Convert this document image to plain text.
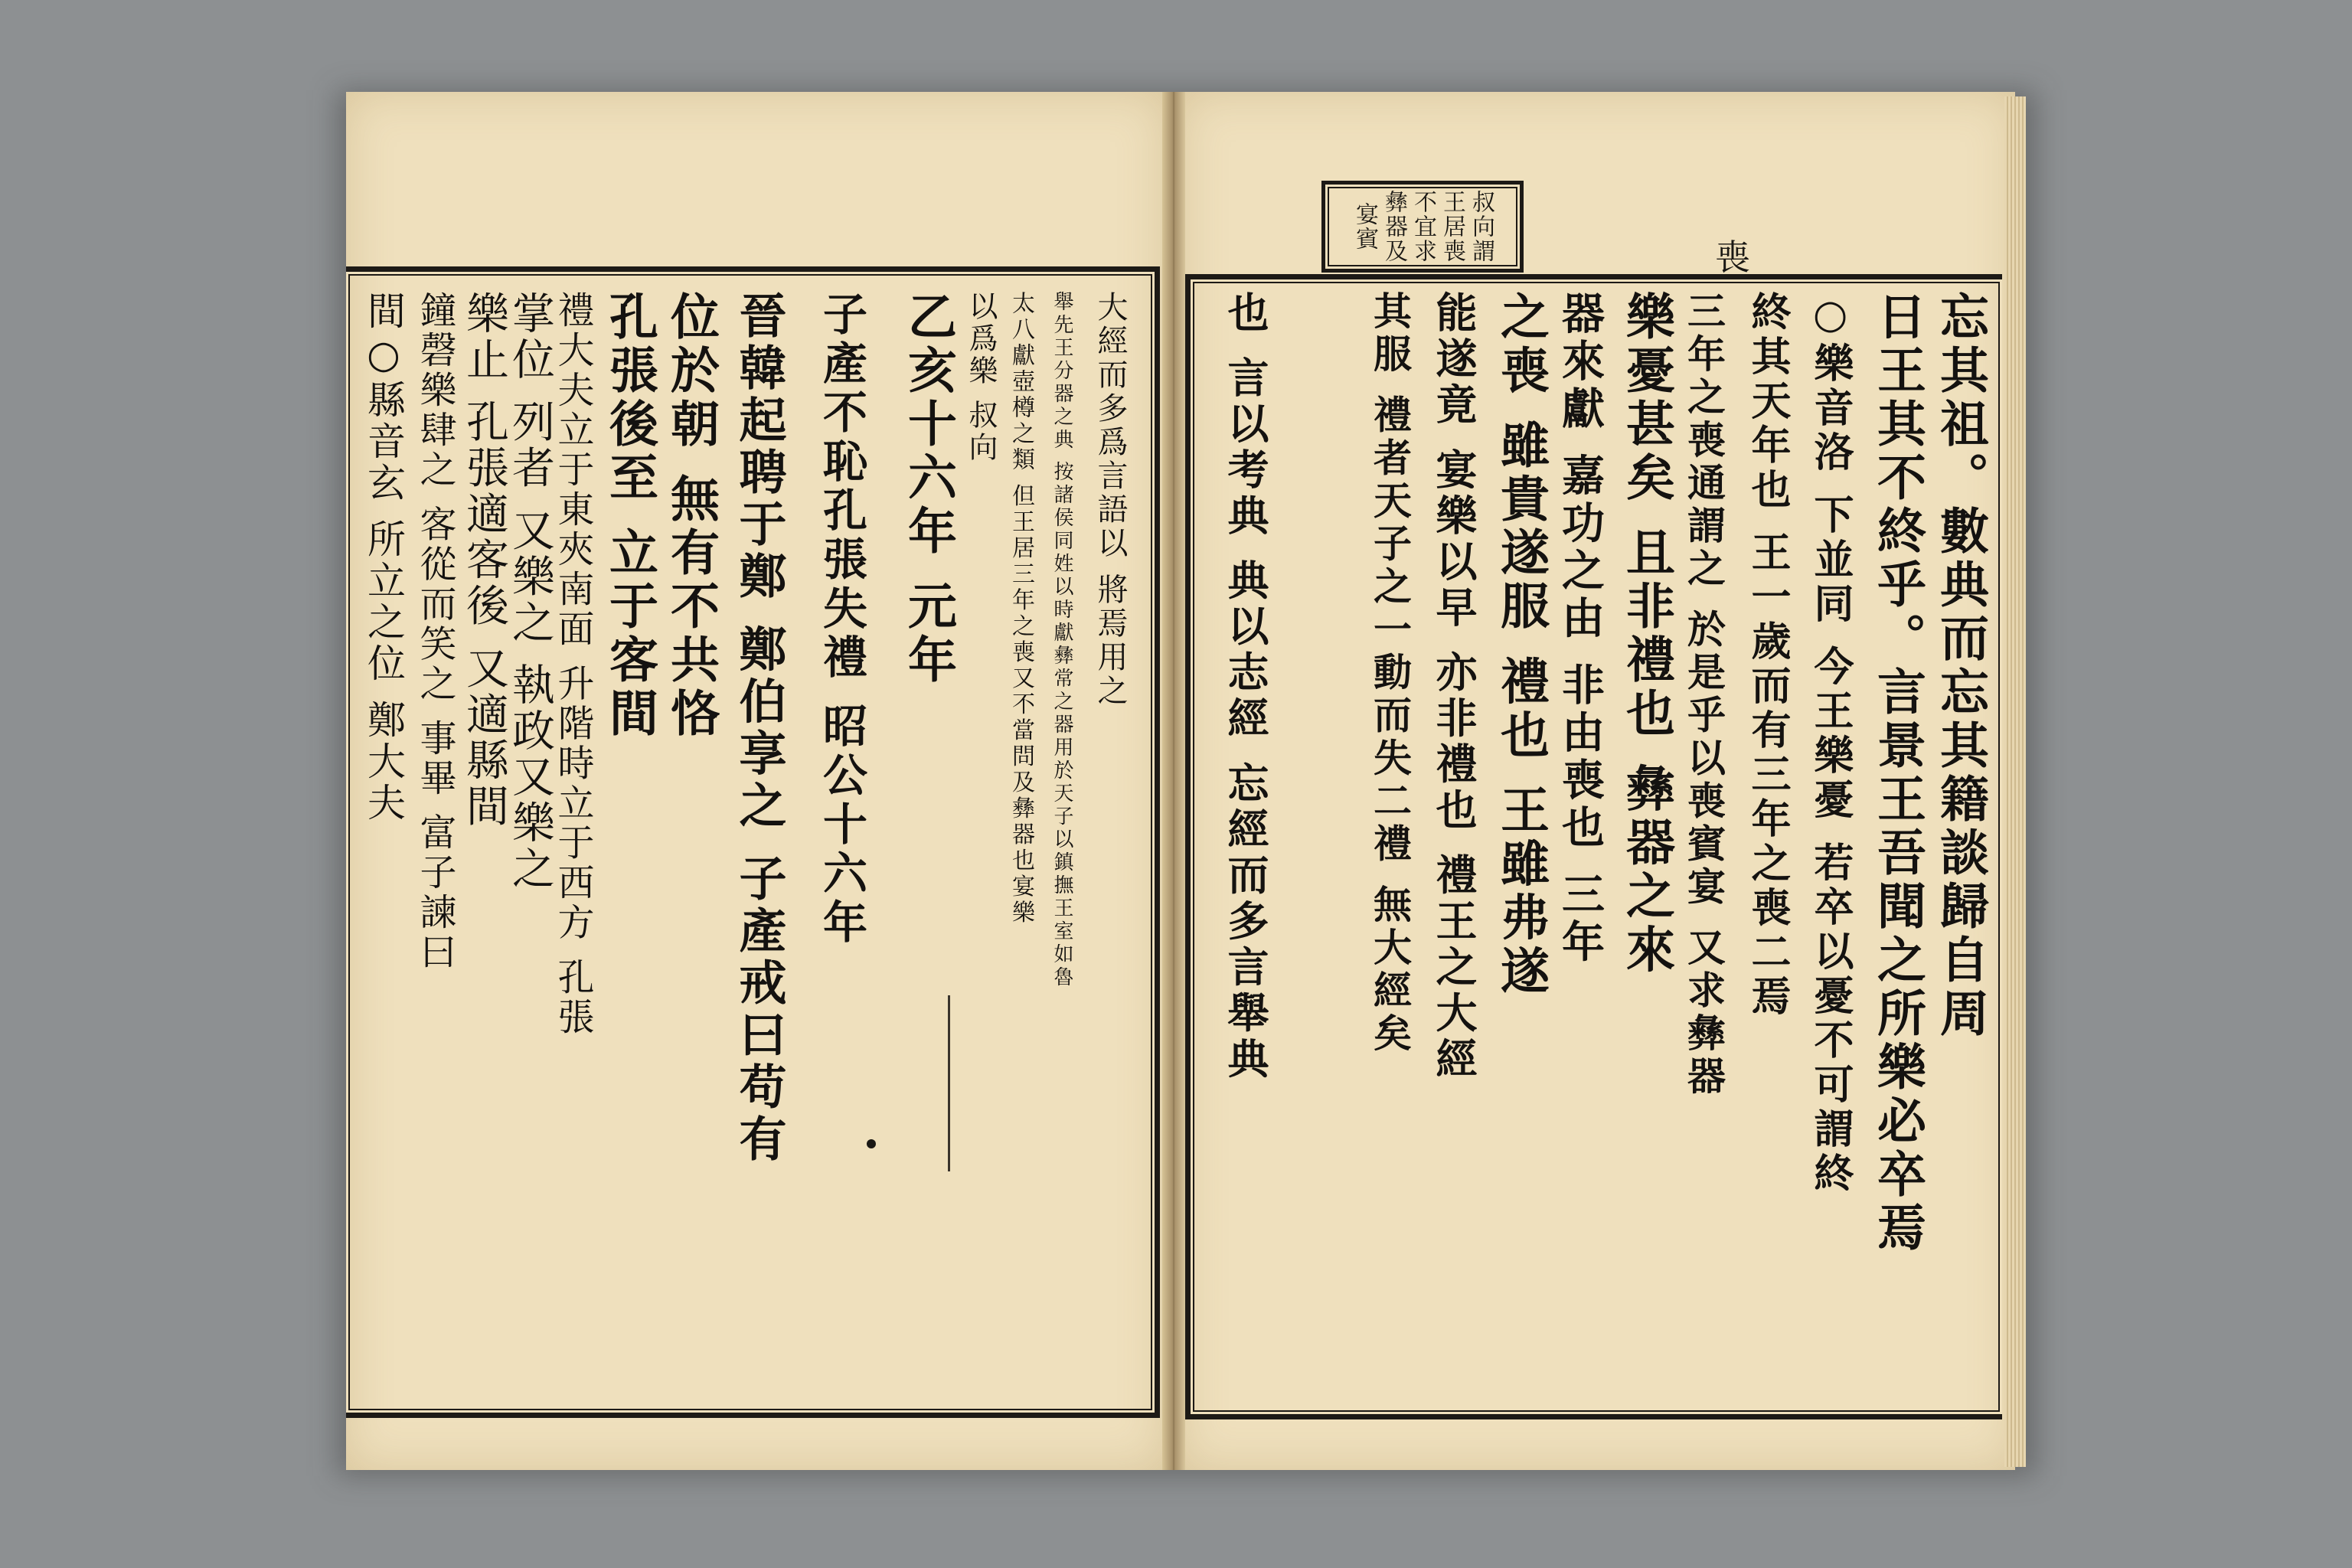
叔向謂
王居喪
不宜求
彝器及
宴賓
喪
忘其祖。數典而忘其籍談歸自周
日王其不終乎。言景王吾聞之所樂必卒焉
○樂音洛 下並同 今王樂憂 若卒以憂不可謂終
終其天年也 王一歲而有三年之喪二焉
三年之喪通謂之 於是乎以喪賓宴 又求彝器
樂憂甚矣 且非禮也 彝器之來
器來獻 嘉功之由 非由喪也 三年
之喪 雖貴遂服 禮也 王雖弗遂
能遂竟 宴樂以早 亦非禮也 禮王之大經
其服 禮者天子之一動而失二禮 無大經矣
也 言以考典 典以志經 忘經而多言舉典
大經而多爲言語以 將焉用之
舉先王分器之典 按諸侯同姓以時獻彝常之器用於天子以鎮撫王室如魯
太八獻壺樽之類 但王居三年之喪又不當問及彝器也宴樂
以爲樂 叔向
乙亥十六年 元年
子產不恥孔張失禮 昭公十六年
晉韓起聘于鄭 鄭伯享之 子產戒曰苟有
位於朝 無有不共恪
孔張後至 立于客間
禮大夫立于東夾南面 升階時立于西方 孔張
掌位 列者 又樂之 執政又樂之
樂止 孔張適客後 又適縣間
鐘磬樂肆之 客從而笑之 事畢 富子諫曰
間○縣音玄 所立之位 鄭大夫
